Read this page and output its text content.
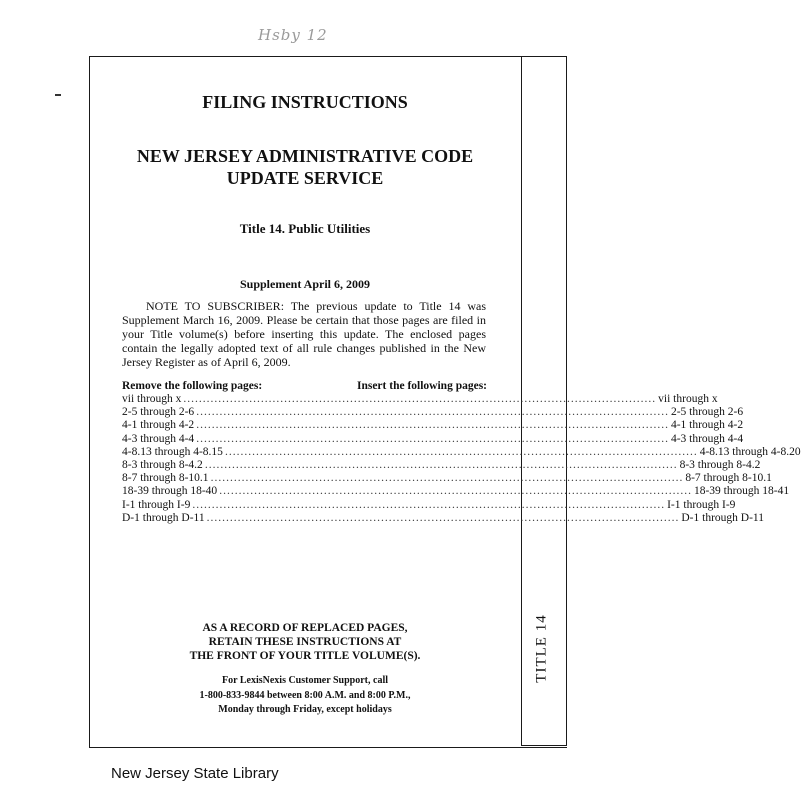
Hsby 12
TITLE 14
FILING INSTRUCTIONS
NEW JERSEY ADMINISTRATIVE CODE
UPDATE SERVICE
Title 14. Public Utilities
Supplement April 6, 2009
NOTE TO SUBSCRIBER: The previous update to Title 14 was Supplement March 16, 2009. Please be certain that those pages are filed in your Title volume(s) before inserting this update. The enclosed pages contain the legally adopted text of all rule changes published in the New Jersey Register as of April 6, 2009.
Remove the following pages:	Insert the following pages:
vii through x .......................................................................................................................... vii through x
2-5 through 2-6 .......................................................................................................................... 2-5 through 2-6
4-1 through 4-2 .......................................................................................................................... 4-1 through 4-2
4-3 through 4-4 .......................................................................................................................... 4-3 through 4-4
4-8.13 through 4-8.15 .......................................................................................................................... 4-8.13 through 4-8.20
8-3 through 8-4.2 .......................................................................................................................... 8-3 through 8-4.2
8-7 through 8-10.1 .......................................................................................................................... 8-7 through 8-10.1
18-39 through 18-40 .......................................................................................................................... 18-39 through 18-41
I-1 through I-9 .......................................................................................................................... I-1 through I-9
D-1 through D-11 .......................................................................................................................... D-1 through D-11
AS A RECORD OF REPLACED PAGES,
RETAIN THESE INSTRUCTIONS AT
THE FRONT OF YOUR TITLE VOLUME(S).
For LexisNexis Customer Support, call
1-800-833-9844 between 8:00 A.M. and 8:00 P.M.,
Monday through Friday, except holidays
New Jersey State Library
